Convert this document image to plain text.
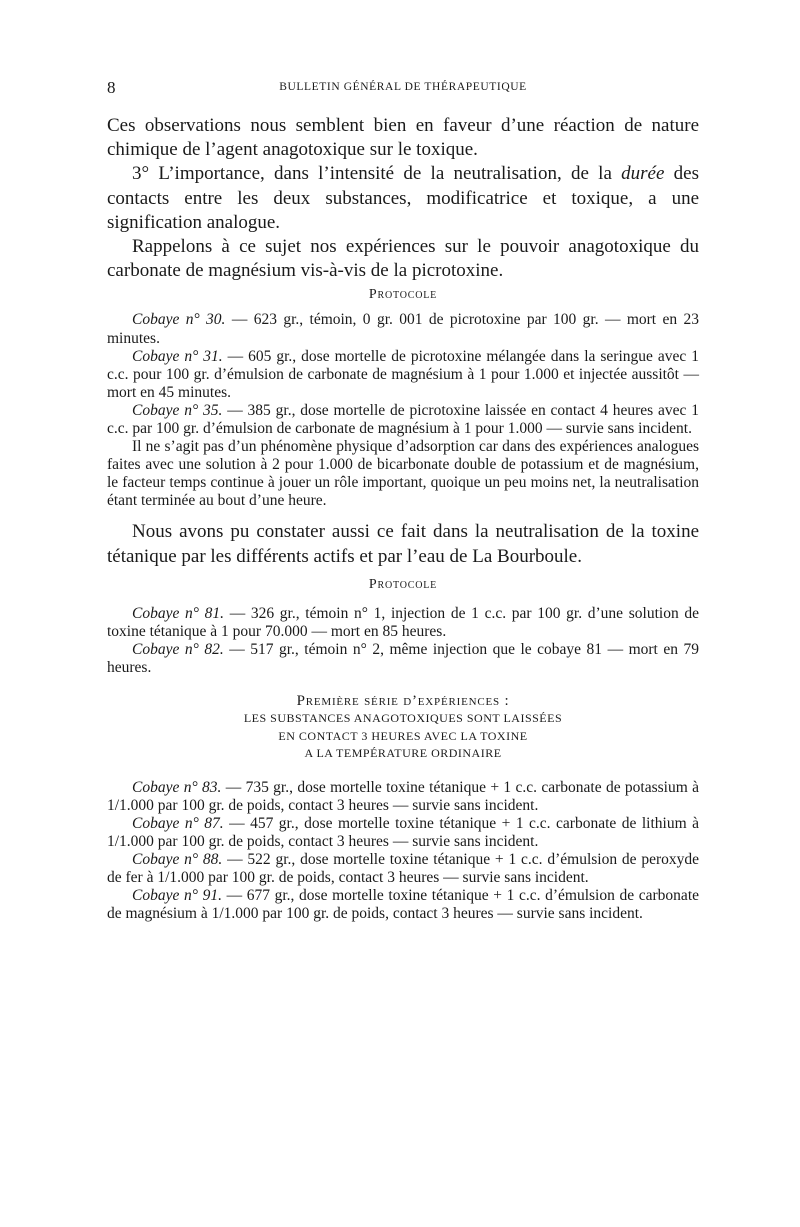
8	BULLETIN GÉNÉRAL DE THÉRAPEUTIQUE

Ces observations nous semblent bien en faveur d’une réaction de nature chimique de l’agent anagotoxique sur le toxique.

3° L’importance, dans l’intensité de la neutralisation, de la durée des contacts entre les deux substances, modificatrice et toxique, a une signification analogue.

Rappelons à ce sujet nos expériences sur le pouvoir anagotoxique du carbonate de magnésium vis-à-vis de la picrotoxine.

Protocole

Cobaye n° 30. — 623 gr., témoin, 0 gr. 001 de picrotoxine par 100 gr. — mort en 23 minutes.

Cobaye n° 31. — 605 gr., dose mortelle de picrotoxine mélangée dans la seringue avec 1 c.c. pour 100 gr. d’émulsion de carbonate de magnésium à 1 pour 1.000 et injectée aussitôt — mort en 45 minutes.

Cobaye n° 35. — 385 gr., dose mortelle de picrotoxine laissée en contact 4 heures avec 1 c.c. par 100 gr. d’émulsion de carbonate de magnésium à 1 pour 1.000 — survie sans incident.

Il ne s’agit pas d’un phénomène physique d’adsorption car dans des expériences analogues faites avec une solution à 2 pour 1.000 de bicarbonate double de potassium et de magnésium, le facteur temps continue à jouer un rôle important, quoique un peu moins net, la neutralisation étant terminée au bout d’une heure.

Nous avons pu constater aussi ce fait dans la neutralisation de la toxine tétanique par les différents actifs et par l’eau de La Bourboule.

Protocole

Cobaye n° 81. — 326 gr., témoin n° 1, injection de 1 c.c. par 100 gr. d’une solution de toxine tétanique à 1 pour 70.000 — mort en 85 heures.

Cobaye n° 82. — 517 gr., témoin n° 2, même injection que le cobaye 81 — mort en 79 heures.

Première série d’expériences :

LES SUBSTANCES ANAGOTOXIQUES SONT LAISSÉES

EN CONTACT 3 HEURES AVEC LA TOXINE

A LA TEMPÉRATURE ORDINAIRE

Cobaye n° 83. — 735 gr., dose mortelle toxine tétanique + 1 c.c. carbonate de potassium à 1/1.000 par 100 gr. de poids, contact 3 heures — survie sans incident.

Cobaye n° 87. — 457 gr., dose mortelle toxine tétanique + 1 c.c. carbonate de lithium à 1/1.000 par 100 gr. de poids, contact 3 heures — survie sans incident.

Cobaye n° 88. — 522 gr., dose mortelle toxine tétanique + 1 c.c. d’émulsion de peroxyde de fer à 1/1.000 par 100 gr. de poids, contact 3 heures — survie sans incident.

Cobaye n° 91. — 677 gr., dose mortelle toxine tétanique + 1 c.c. d’émulsion de carbonate de magnésium à 1/1.000 par 100 gr. de poids, contact 3 heures — survie sans incident.
